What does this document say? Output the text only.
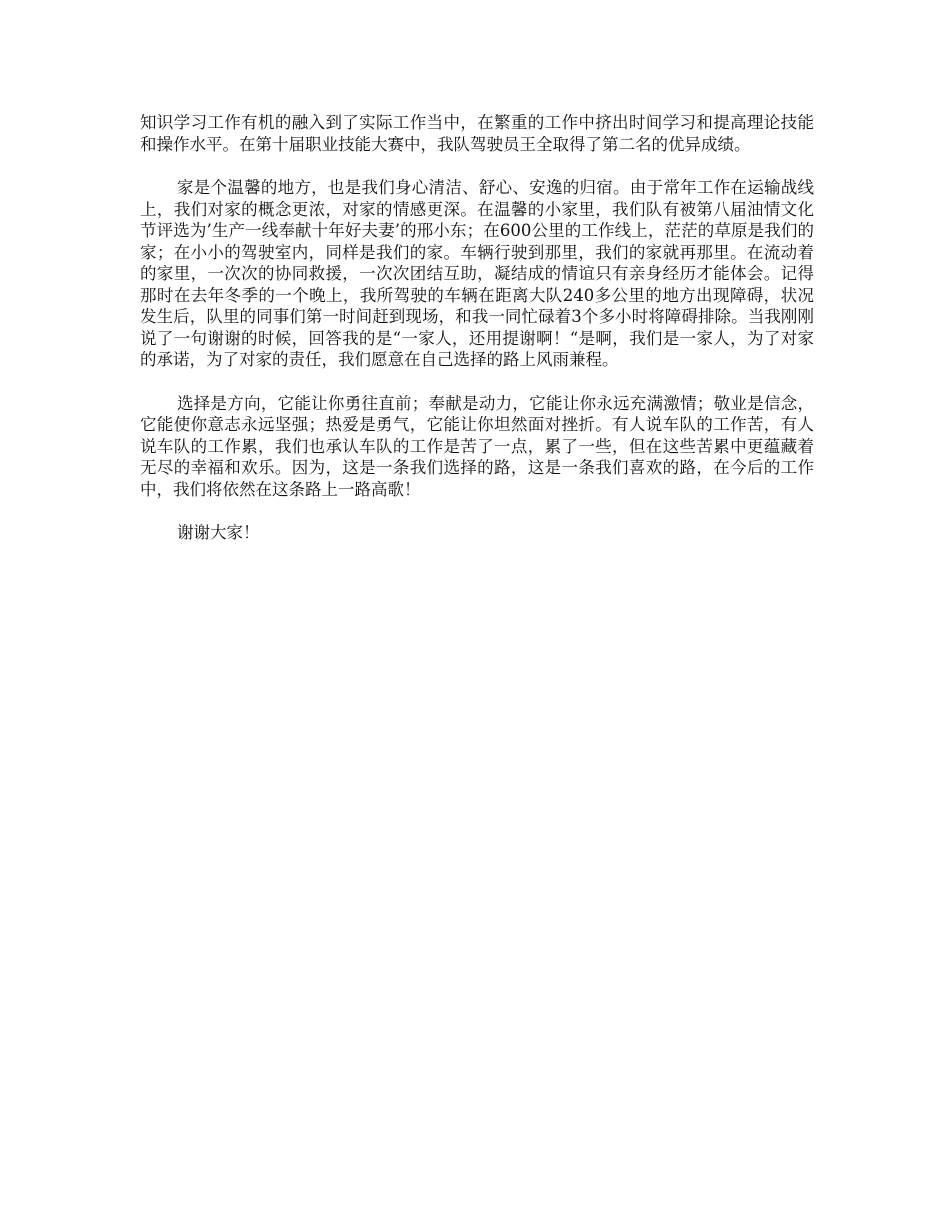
知识学习工作有机的融入到了实际工作当中，在繁重的工作中挤出时间学习和提高理论技能和操作水平。在第十届职业技能大赛中，我队驾驶员王全取得了第二名的优异成绩。

家是个温馨的地方，也是我们身心清洁、舒心、安逸的归宿。由于常年工作在运输战线上，我们对家的概念更浓，对家的情感更深。在温馨的小家里，我们队有被第八届油情文化节评选为’生产一线奉献十年好夫妻’的邢小东；在600公里的工作线上，茫茫的草原是我们的家；在小小的驾驶室内，同样是我们的家。车辆行驶到那里，我们的家就再那里。在流动着的家里，一次次的协同救援，一次次团结互助，凝结成的情谊只有亲身经历才能体会。记得那时在去年冬季的一个晚上，我所驾驶的车辆在距离大队240多公里的地方出现障碍，状况发生后，队里的同事们第一时间赶到现场，和我一同忙碌着3个多小时将障碍排除。当我刚刚说了一句谢谢的时候，回答我的是“一家人，还用提谢啊！“是啊，我们是一家人，为了对家的承诺，为了对家的责任，我们愿意在自己选择的路上风雨兼程。

选择是方向，它能让你勇往直前；奉献是动力，它能让你永远充满激情；敬业是信念，它能使你意志永远坚强；热爱是勇气，它能让你坦然面对挫折。有人说车队的工作苦，有人说车队的工作累，我们也承认车队的工作是苦了一点，累了一些，但在这些苦累中更蕴藏着无尽的幸福和欢乐。因为，这是一条我们选择的路，这是一条我们喜欢的路，在今后的工作中，我们将依然在这条路上一路高歌！

谢谢大家！
